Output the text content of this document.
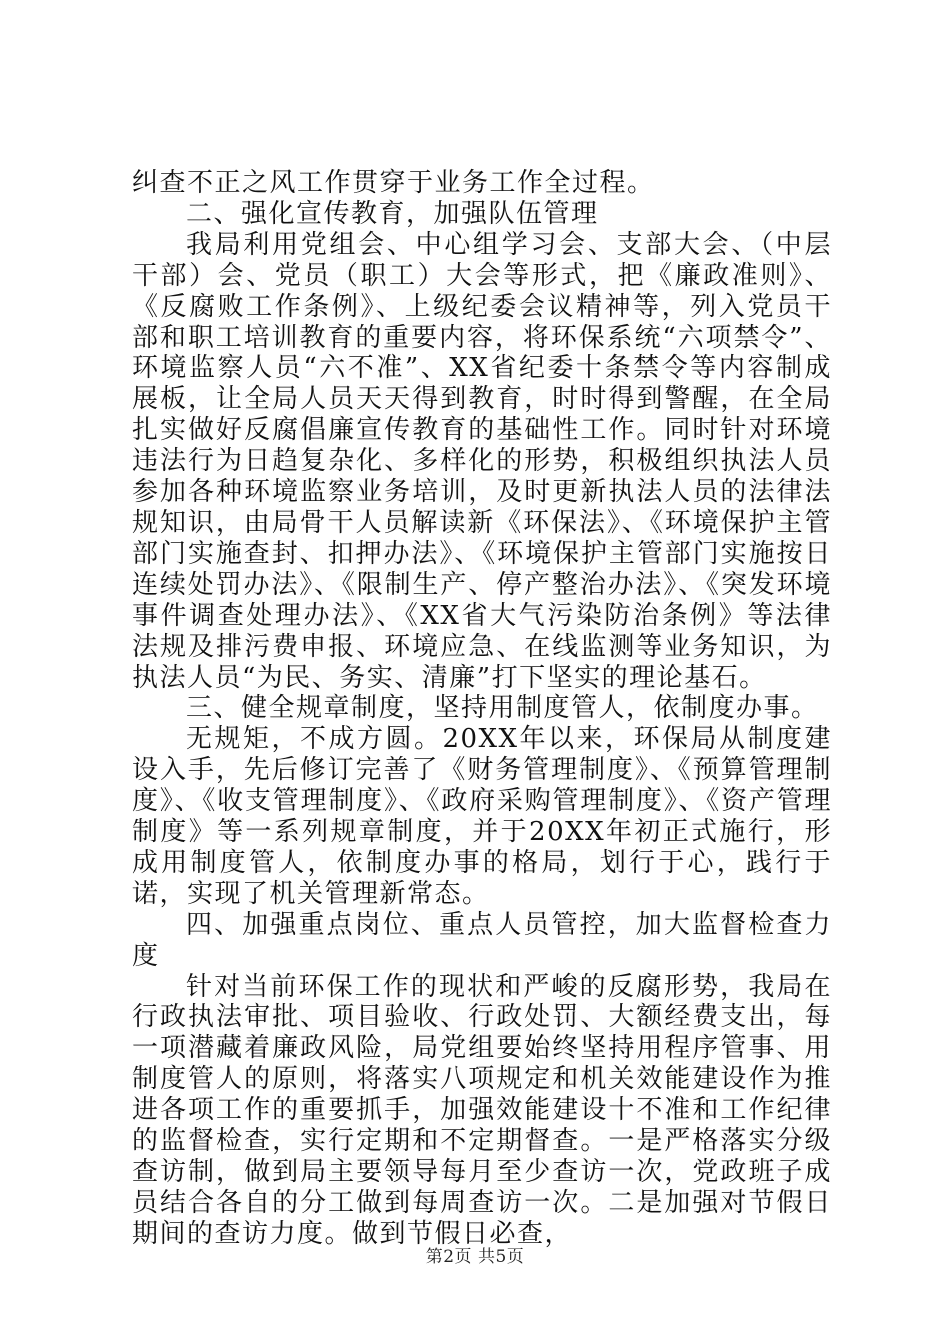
纠查不正之风工作贯穿于业务工作全过程。

二、强化宣传教育，加强队伍管理

我局利用党组会、中心组学习会、支部大会、（中层干部）会、党员（职工）大会等形式，把《廉政准则》、《反腐败工作条例》、上级纪委会议精神等，列入党员干部和职工培训教育的重要内容，将环保系统“六项禁令”、环境监察人员“六不准”、XX省纪委十条禁令等内容制成展板，让全局人员天天得到教育，时时得到警醒，在全局扎实做好反腐倡廉宣传教育的基础性工作。同时针对环境违法行为日趋复杂化、多样化的形势，积极组织执法人员参加各种环境监察业务培训，及时更新执法人员的法律法规知识，由局骨干人员解读新《环保法》、《环境保护主管部门实施查封、扣押办法》、《环境保护主管部门实施按日连续处罚办法》、《限制生产、停产整治办法》、《突发环境事件调查处理办法》、《XX省大气污染防治条例》等法律法规及排污费申报、环境应急、在线监测等业务知识，为执法人员“为民、务实、清廉”打下坚实的理论基石。

三、健全规章制度，坚持用制度管人，依制度办事。

无规矩，不成方圆。20XX年以来，环保局从制度建设入手，先后修订完善了《财务管理制度》、《预算管理制度》、《收支管理制度》、《政府采购管理制度》、《资产管理制度》等一系列规章制度，并于20XX年初正式施行，形成用制度管人，依制度办事的格局，划行于心，践行于诺，实现了机关管理新常态。

四、加强重点岗位、重点人员管控，加大监督检查力度

针对当前环保工作的现状和严峻的反腐形势，我局在行政执法审批、项目验收、行政处罚、大额经费支出，每一项潜藏着廉政风险，局党组要始终坚持用程序管事、用制度管人的原则，将落实八项规定和机关效能建设作为推进各项工作的重要抓手，加强效能建设十不准和工作纪律的监督检查，实行定期和不定期督查。一是严格落实分级查访制，做到局主要领导每月至少查访一次，党政班子成员结合各自的分工做到每周查访一次。二是加强对节假日期间的查访力度。做到节假日必查，

第2页 共5页
